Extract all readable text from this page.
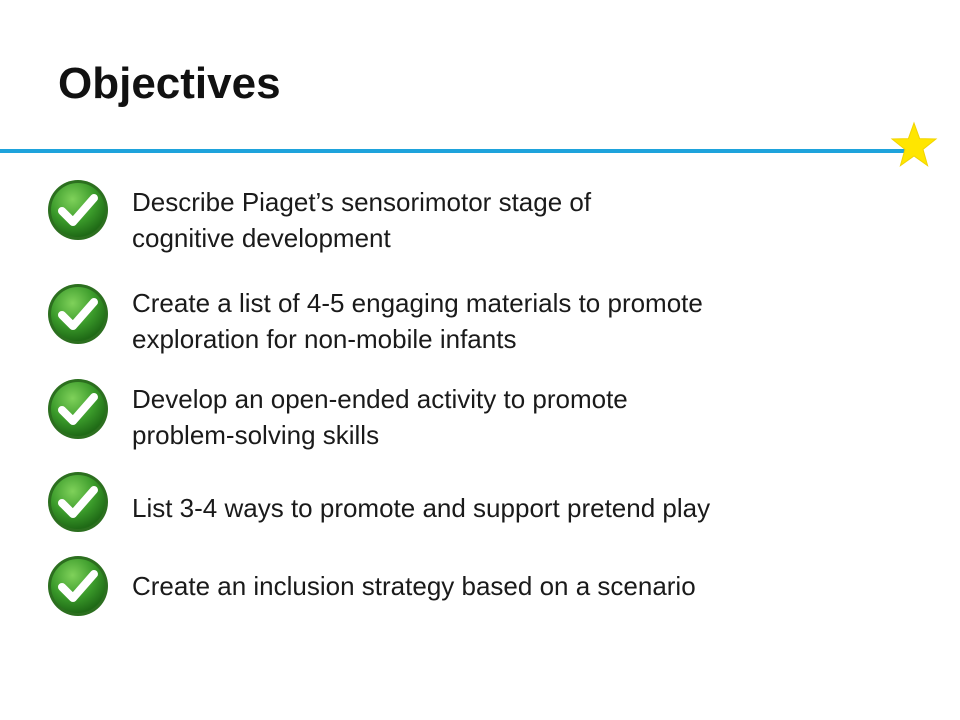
Objectives
Describe Piaget’s sensorimotor stage of
cognitive development
Create a list of 4-5 engaging materials to promote
exploration for non-mobile infants
Develop an open-ended activity to promote
problem-solving skills
List 3-4 ways to promote and support pretend play
Create an inclusion strategy based on a scenario
